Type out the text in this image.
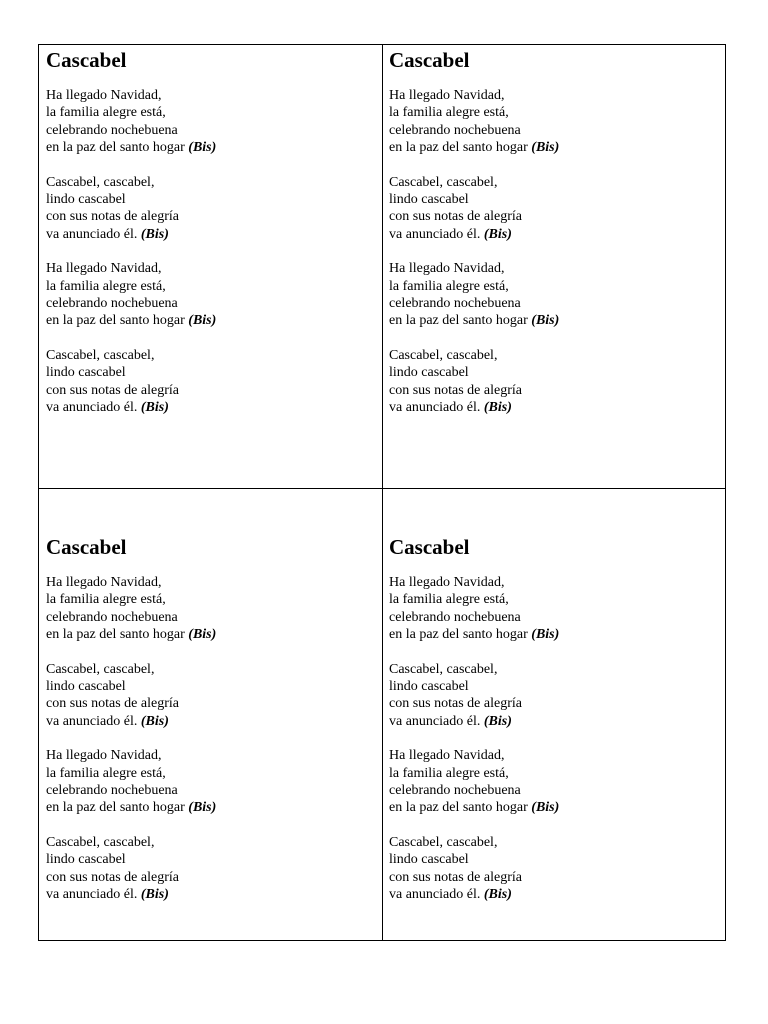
Cascabel
Ha llegado Navidad,
la familia alegre está,
celebrando nochebuena
en la paz del santo hogar (Bis)
Cascabel, cascabel,
lindo cascabel
con sus notas de alegría
va anunciado él. (Bis)
Ha llegado Navidad,
la familia alegre está,
celebrando nochebuena
en la paz del santo hogar (Bis)
Cascabel, cascabel,
lindo cascabel
con sus notas de alegría
va anunciado él. (Bis)
Cascabel
Ha llegado Navidad,
la familia alegre está,
celebrando nochebuena
en la paz del santo hogar (Bis)
Cascabel, cascabel,
lindo cascabel
con sus notas de alegría
va anunciado él. (Bis)
Ha llegado Navidad,
la familia alegre está,
celebrando nochebuena
en la paz del santo hogar (Bis)
Cascabel, cascabel,
lindo cascabel
con sus notas de alegría
va anunciado él. (Bis)
Cascabel
Ha llegado Navidad,
la familia alegre está,
celebrando nochebuena
en la paz del santo hogar (Bis)
Cascabel, cascabel,
lindo cascabel
con sus notas de alegría
va anunciado él. (Bis)
Ha llegado Navidad,
la familia alegre está,
celebrando nochebuena
en la paz del santo hogar (Bis)
Cascabel, cascabel,
lindo cascabel
con sus notas de alegría
va anunciado él. (Bis)
Cascabel
Ha llegado Navidad,
la familia alegre está,
celebrando nochebuena
en la paz del santo hogar (Bis)
Cascabel, cascabel,
lindo cascabel
con sus notas de alegría
va anunciado él. (Bis)
Ha llegado Navidad,
la familia alegre está,
celebrando nochebuena
en la paz del santo hogar (Bis)
Cascabel, cascabel,
lindo cascabel
con sus notas de alegría
va anunciado él. (Bis)
